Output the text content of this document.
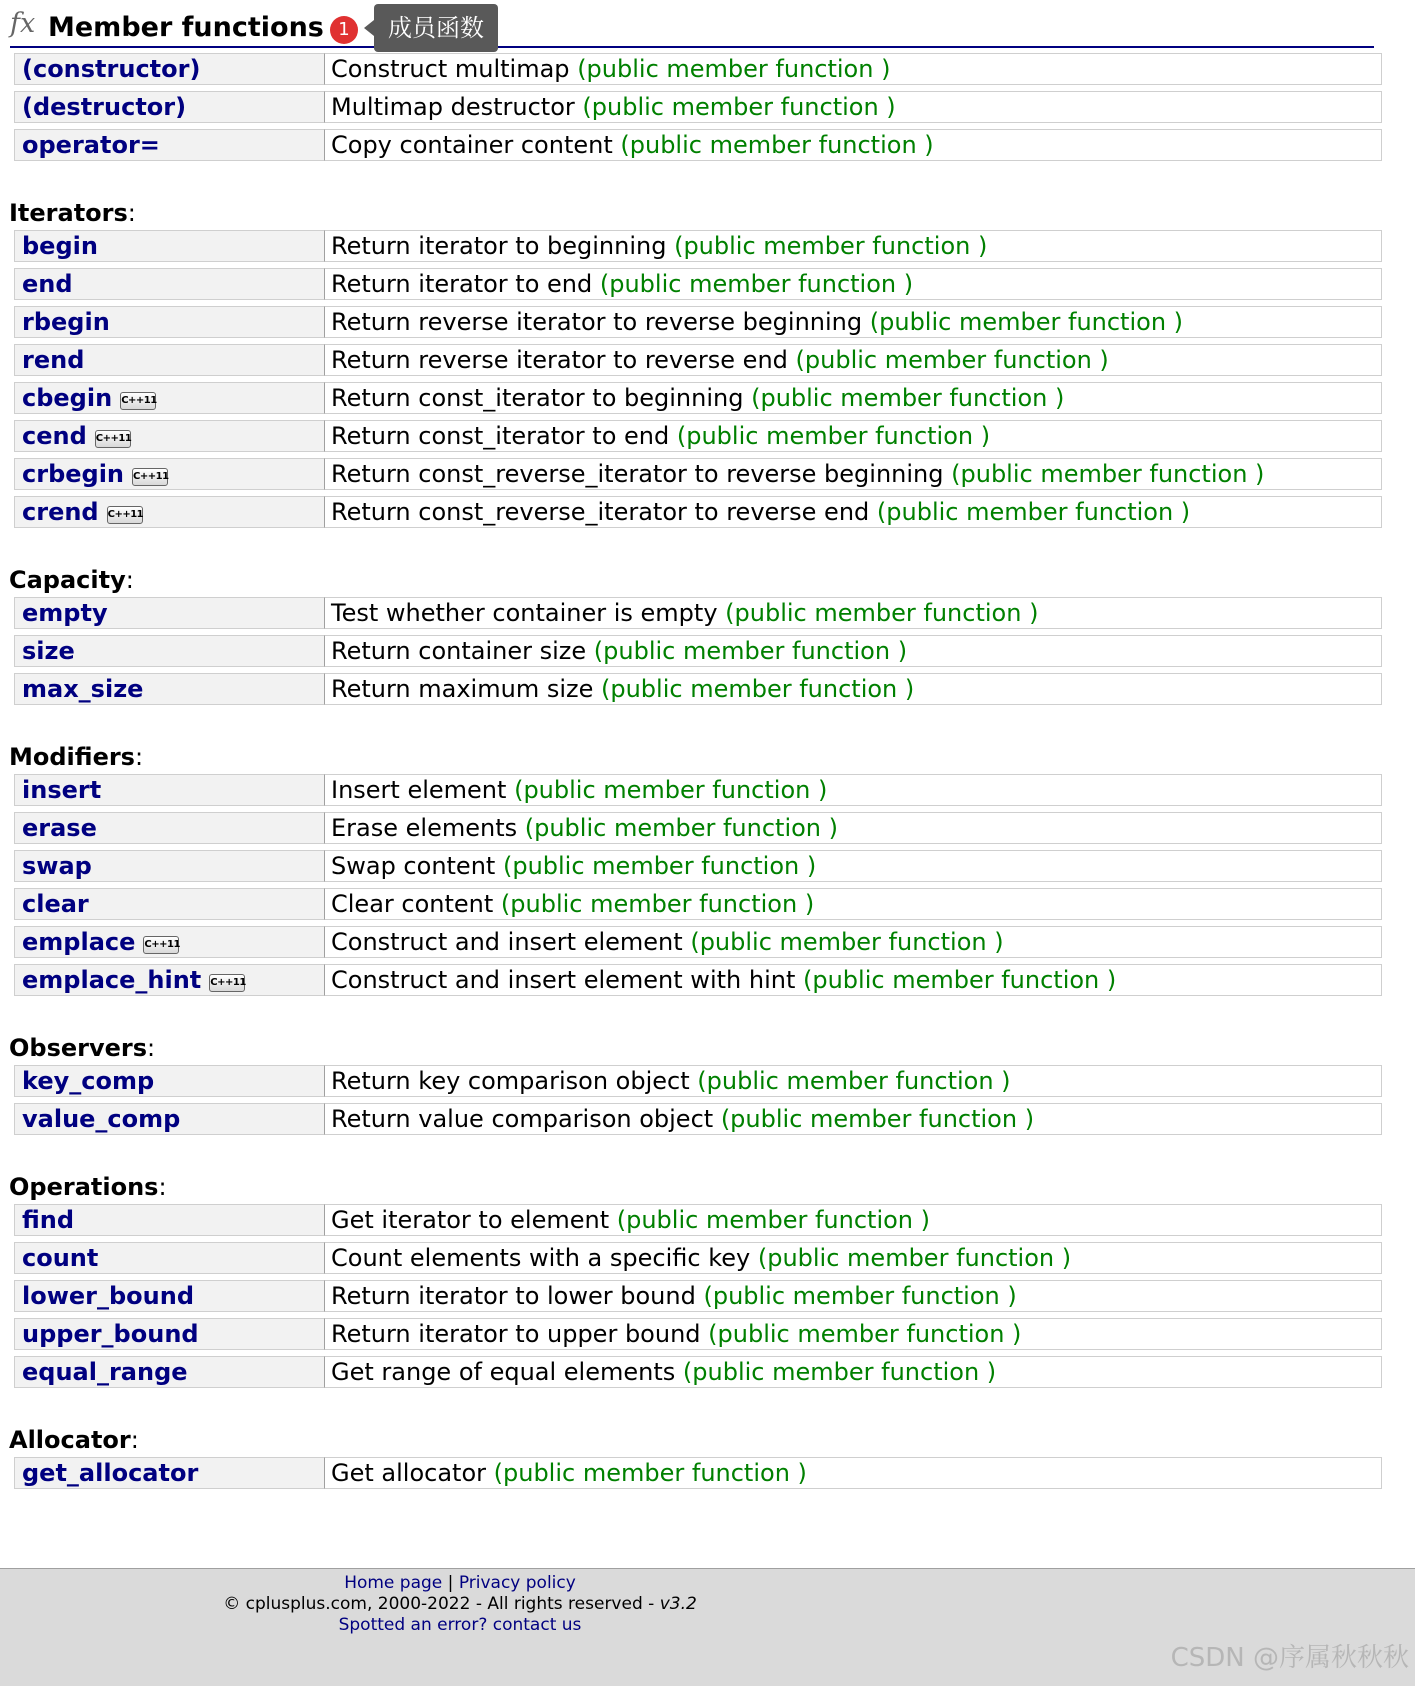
fx Member functions 1	成员函数
(constructor)	Construct multimap (public member function )
(destructor)	Multimap destructor (public member function )
operator=	Copy container content (public member function )
Iterators:
begin	Return iterator to beginning (public member function )
end	Return iterator to end (public member function )
rbegin	Return reverse iterator to reverse beginning (public member function )
rend	Return reverse iterator to reverse end (public member function )
cbeginC++11	Return const_iterator to beginning (public member function )
cendC++11	Return const_iterator to end (public member function )
crbeginC++11	Return const_reverse_iterator to reverse beginning (public member function )
crendC++11	Return const_reverse_iterator to reverse end (public member function )
Capacity:
empty	Test whether container is empty (public member function )
size	Return container size (public member function )
max_size	Return maximum size (public member function )
Modifiers:
insert	Insert element (public member function )
erase	Erase elements (public member function )
swap	Swap content (public member function )
clear	Clear content (public member function )
emplaceC++11	Construct and insert element (public member function )
emplace_hintC++11	Construct and insert element with hint (public member function )
Observers:
key_comp	Return key comparison object (public member function )
value_comp	Return value comparison object (public member function )
Operations:
find	Get iterator to element (public member function )
count	Count elements with a specific key (public member function )
lower_bound	Return iterator to lower bound (public member function )
upper_bound	Return iterator to upper bound (public member function )
equal_range	Get range of equal elements (public member function )
Allocator:
get_allocator	Get allocator (public member function )
Home page | Privacy policy
© cplusplus.com, 2000-2022 - All rights reserved - v3.2
Spotted an error? contact us
CSDN @序属秋秋秋
